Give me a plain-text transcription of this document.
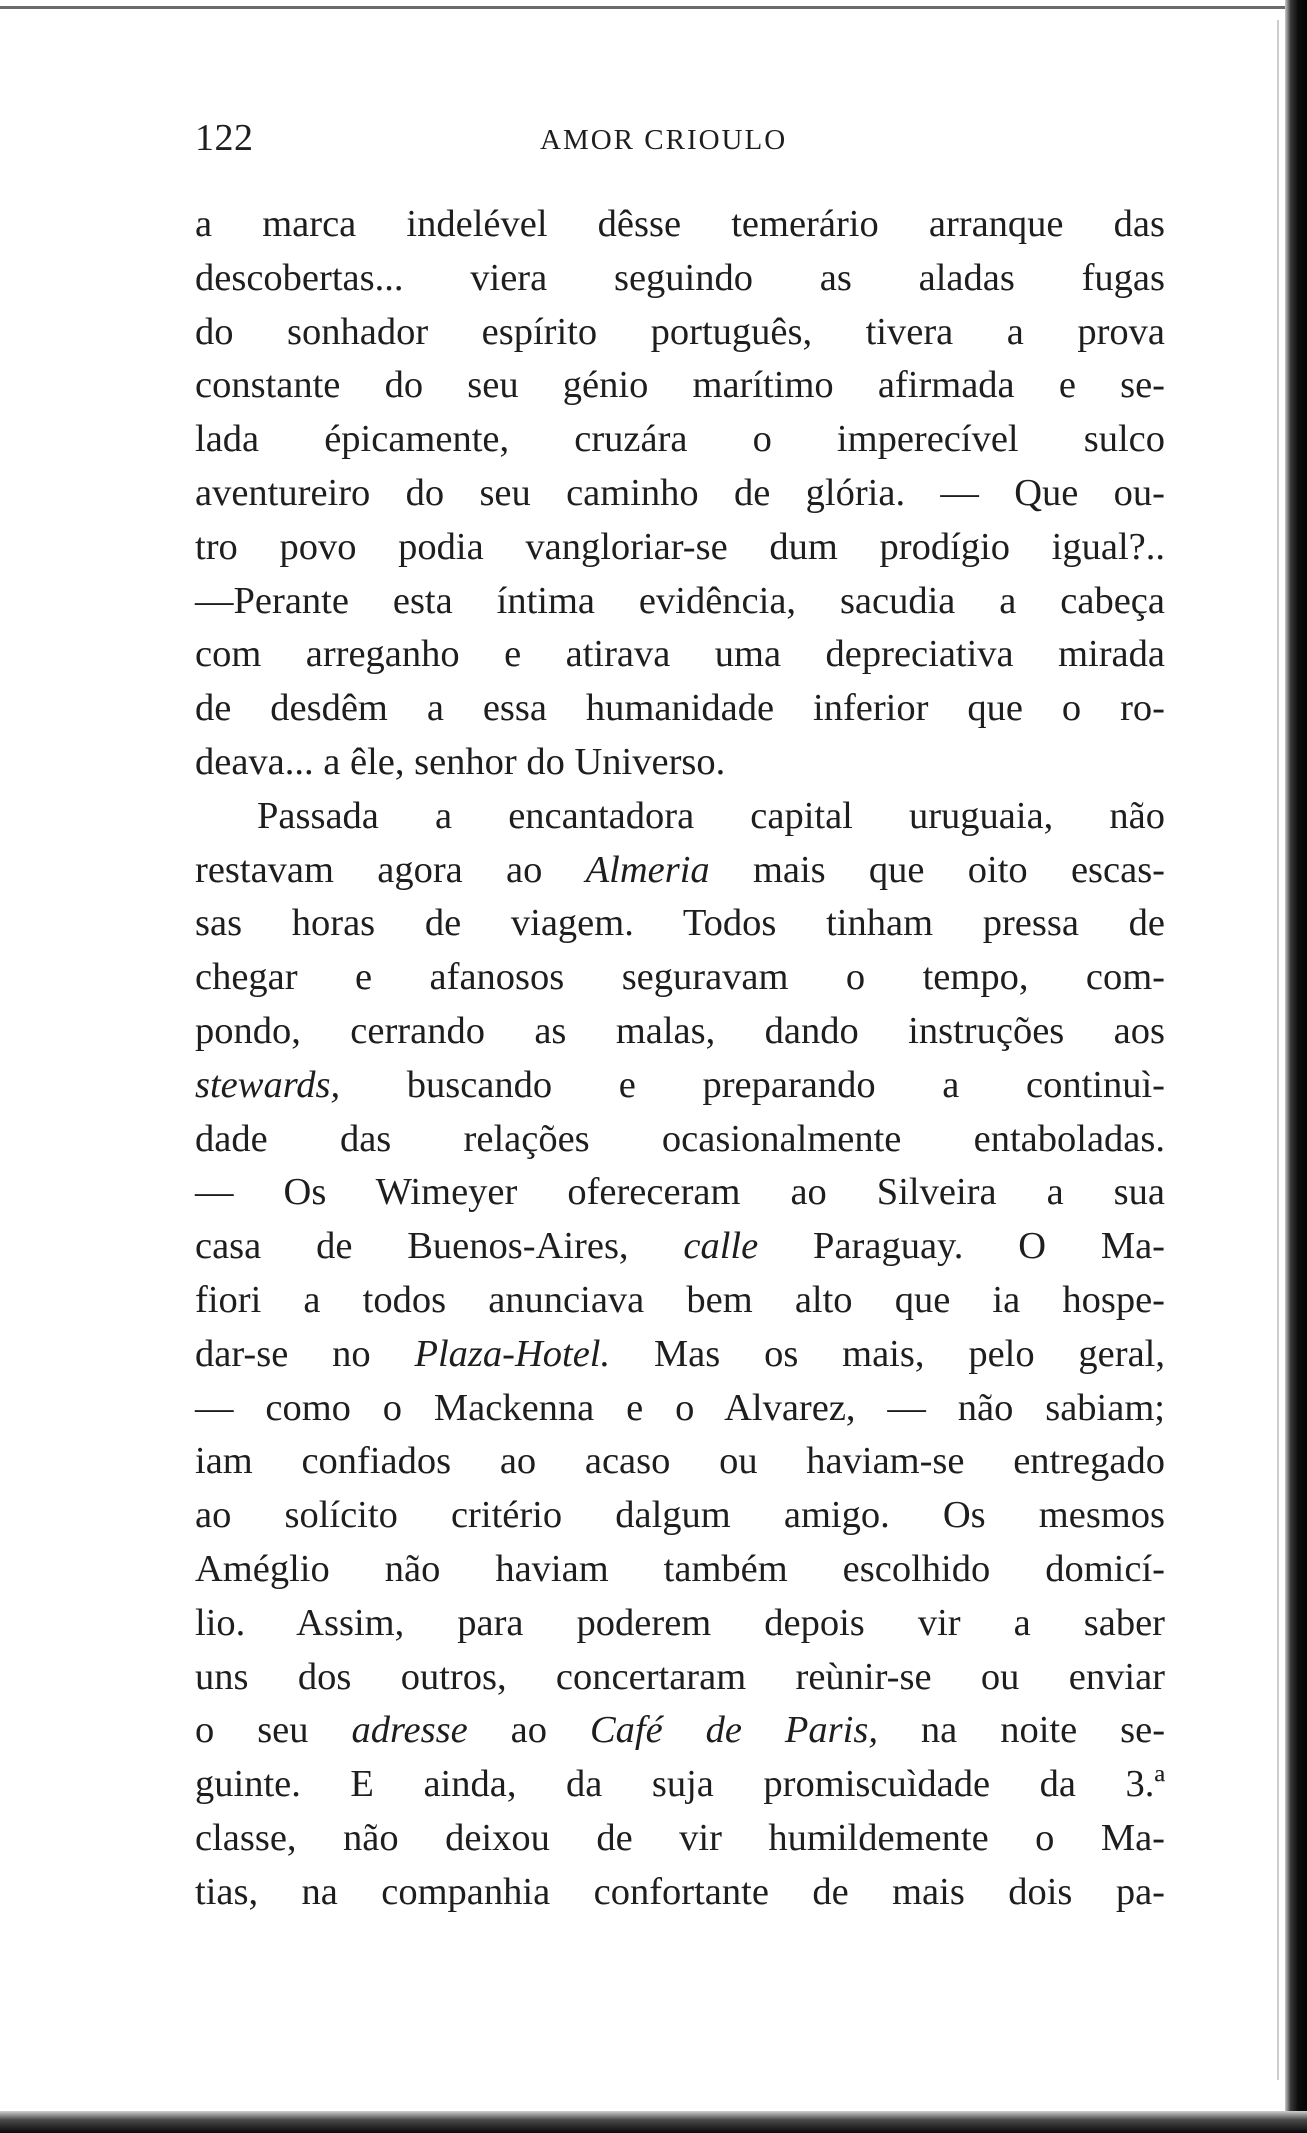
122	AMOR CRIOULO
a marca indelével dêsse temerário arranque das
descobertas... viera seguindo as aladas fugas
do sonhador espírito português, tivera a prova
constante do seu génio marítimo afirmada e se-
lada épicamente, cruzára o imperecível sulco
aventureiro do seu caminho de glória. — Que ou-
tro povo podia vangloriar-se dum prodígio igual?..
—Perante esta íntima evidência, sacudia a cabeça
com arreganho e atirava uma depreciativa mirada
de desdêm a essa humanidade inferior que o ro-
deava... a êle, senhor do Universo.
Passada a encantadora capital uruguaia, não
restavam agora ao Almeria mais que oito escas-
sas horas de viagem. Todos tinham pressa de
chegar e afanosos seguravam o tempo, com-
pondo, cerrando as malas, dando instruções aos
stewards, buscando e preparando a continuì-
dade das relações ocasionalmente entaboladas.
— Os Wimeyer ofereceram ao Silveira a sua
casa de Buenos-Aires, calle Paraguay. O Ma-
fiori a todos anunciava bem alto que ia hospe-
dar-se no Plaza-Hotel. Mas os mais, pelo geral,
— como o Mackenna e o Alvarez, — não sabiam;
iam confiados ao acaso ou haviam-se entregado
ao solícito critério dalgum amigo. Os mesmos
Améglio não haviam também escolhido domicí-
lio. Assim, para poderem depois vir a saber
uns dos outros, concertaram reùnir-se ou enviar
o seu adresse ao Café de Paris, na noite se-
guinte. E ainda, da suja promiscuìdade da 3.ª
classe, não deixou de vir humildemente o Ma-
tias, na companhia confortante de mais dois pa-
